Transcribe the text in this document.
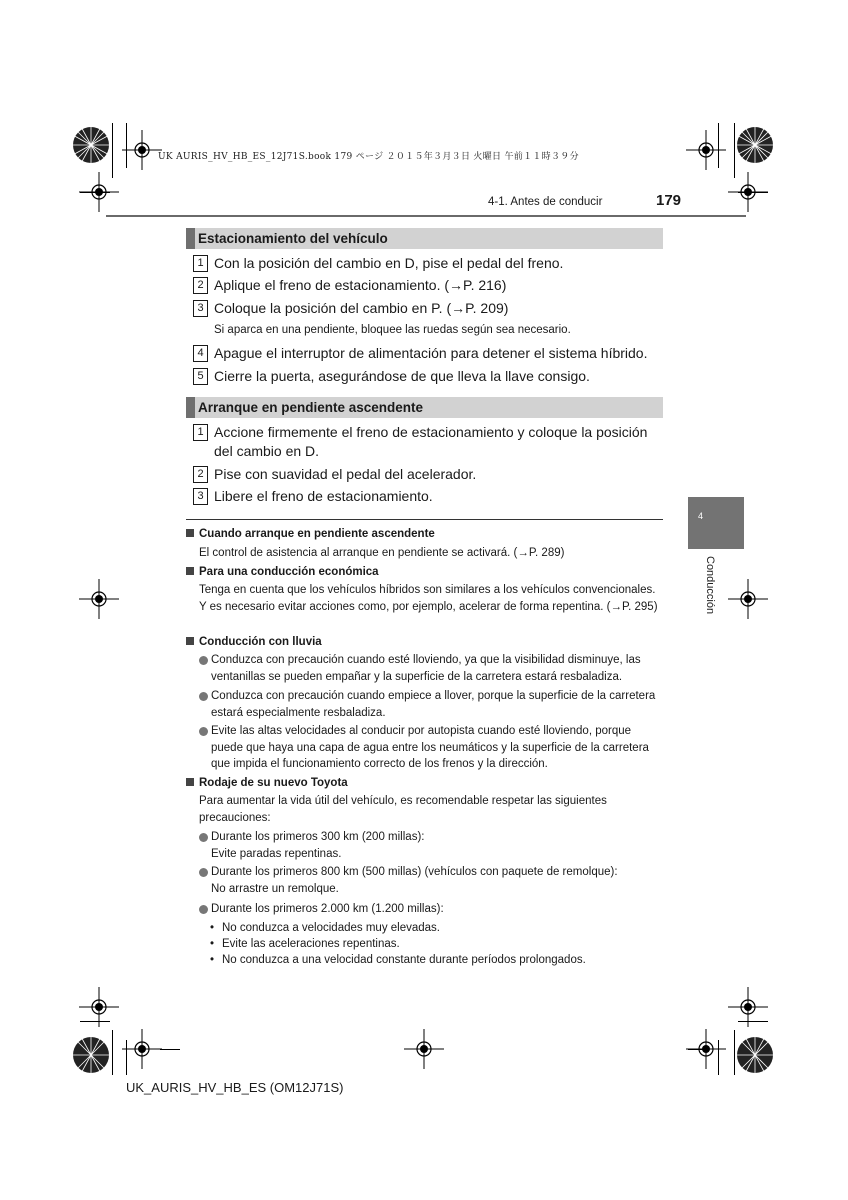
UK AURIS_HV_HB_ES_12J71S.book 179 ページ ２０１５年３月３日 火曜日 午前１１時３９分
4-1. Antes de conducir	179
Estacionamiento del vehículo
1 Con la posición del cambio en D, pise el pedal del freno.
2 Aplique el freno de estacionamiento. (→P. 216)
3 Coloque la posición del cambio en P. (→P. 209)
Si aparca en una pendiente, bloquee las ruedas según sea necesario.
4 Apague el interruptor de alimentación para detener el sistema híbrido.
5 Cierre la puerta, asegurándose de que lleva la llave consigo.
Arranque en pendiente ascendente
1 Accione firmemente el freno de estacionamiento y coloque la posición del cambio en D.
2 Pise con suavidad el pedal del acelerador.
3 Libere el freno de estacionamiento.
Cuando arranque en pendiente ascendente
El control de asistencia al arranque en pendiente se activará. (→P. 289)
Para una conducción económica
Tenga en cuenta que los vehículos híbridos son similares a los vehículos convencionales. Y es necesario evitar acciones como, por ejemplo, acelerar de forma repentina. (→P. 295)
Conducción con lluvia
Conduzca con precaución cuando esté lloviendo, ya que la visibilidad disminuye, las ventanillas se pueden empañar y la superficie de la carretera estará resbaladiza.
Conduzca con precaución cuando empiece a llover, porque la superficie de la carretera estará especialmente resbaladiza.
Evite las altas velocidades al conducir por autopista cuando esté lloviendo, porque puede que haya una capa de agua entre los neumáticos y la superficie de la carretera que impida el funcionamiento correcto de los frenos y la dirección.
Rodaje de su nuevo Toyota
Para aumentar la vida útil del vehículo, es recomendable respetar las siguientes precauciones:
Durante los primeros 300 km (200 millas):
Evite paradas repentinas.
Durante los primeros 800 km (500 millas) (vehículos con paquete de remolque):
No arrastre un remolque.
Durante los primeros 2.000 km (1.200 millas):
• No conduzca a velocidades muy elevadas.
• Evite las aceleraciones repentinas.
• No conduzca a una velocidad constante durante períodos prolongados.
4
Conducción
UK_AURIS_HV_HB_ES (OM12J71S)
